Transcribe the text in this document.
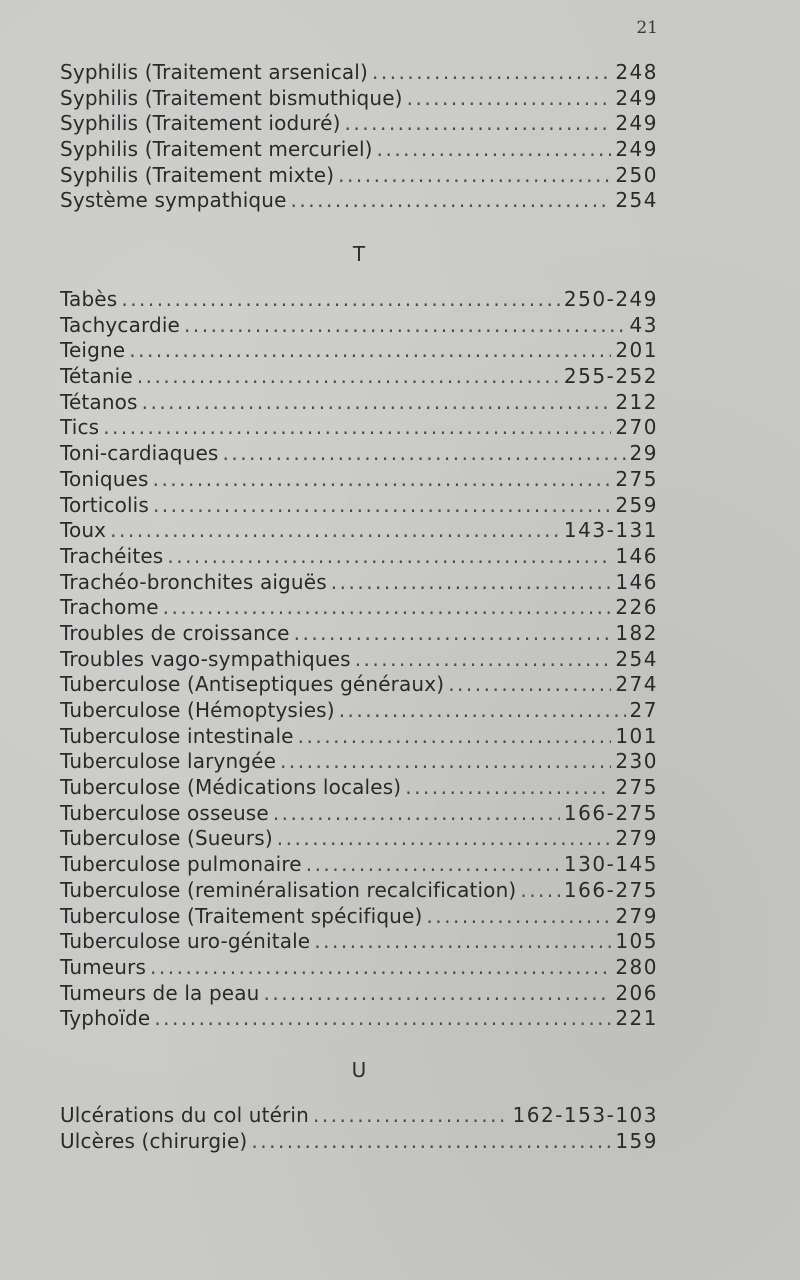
21
Syphilis (Traitement arsenical) .....	248
Syphilis (Traitement bismuthique) .....	249
Syphilis (Traitement ioduré) .....	249
Syphilis (Traitement mercuriel) .....	249
Syphilis (Traitement mixte) .....	250
Système sympathique .....	254
T
Tabès .....	250-249
Tachycardie .....	43
Teigne .....	201
Tétanie .....	255-252
Tétanos .....	212
Tics .....	270
Toni-cardiaques .....	29
Toniques .....	275
Torticolis .....	259
Toux .....	143-131
Trachéites .....	146
Trachéo-bronchites aiguës .....	146
Trachome .....	226
Troubles de croissance .....	182
Troubles vago-sympathiques .....	254
Tuberculose (Antiseptiques généraux) .....	274
Tuberculose (Hémoptysies) .....	27
Tuberculose intestinale .....	101
Tuberculose laryngée .....	230
Tuberculose (Médications locales) .....	275
Tuberculose osseuse .....	166-275
Tuberculose (Sueurs) .....	279
Tuberculose pulmonaire .....	130-145
Tuberculose (reminéralisation recalcification) ..... 166-275
Tuberculose (Traitement spécifique) .....	279
Tuberculose uro-génitale .....	105
Tumeurs .....	280
Tumeurs de la peau .....	206
Typhoïde .....	221
U
Ulcérations du col utérin .....	162-153-103
Ulcères (chirurgie) .....	159
